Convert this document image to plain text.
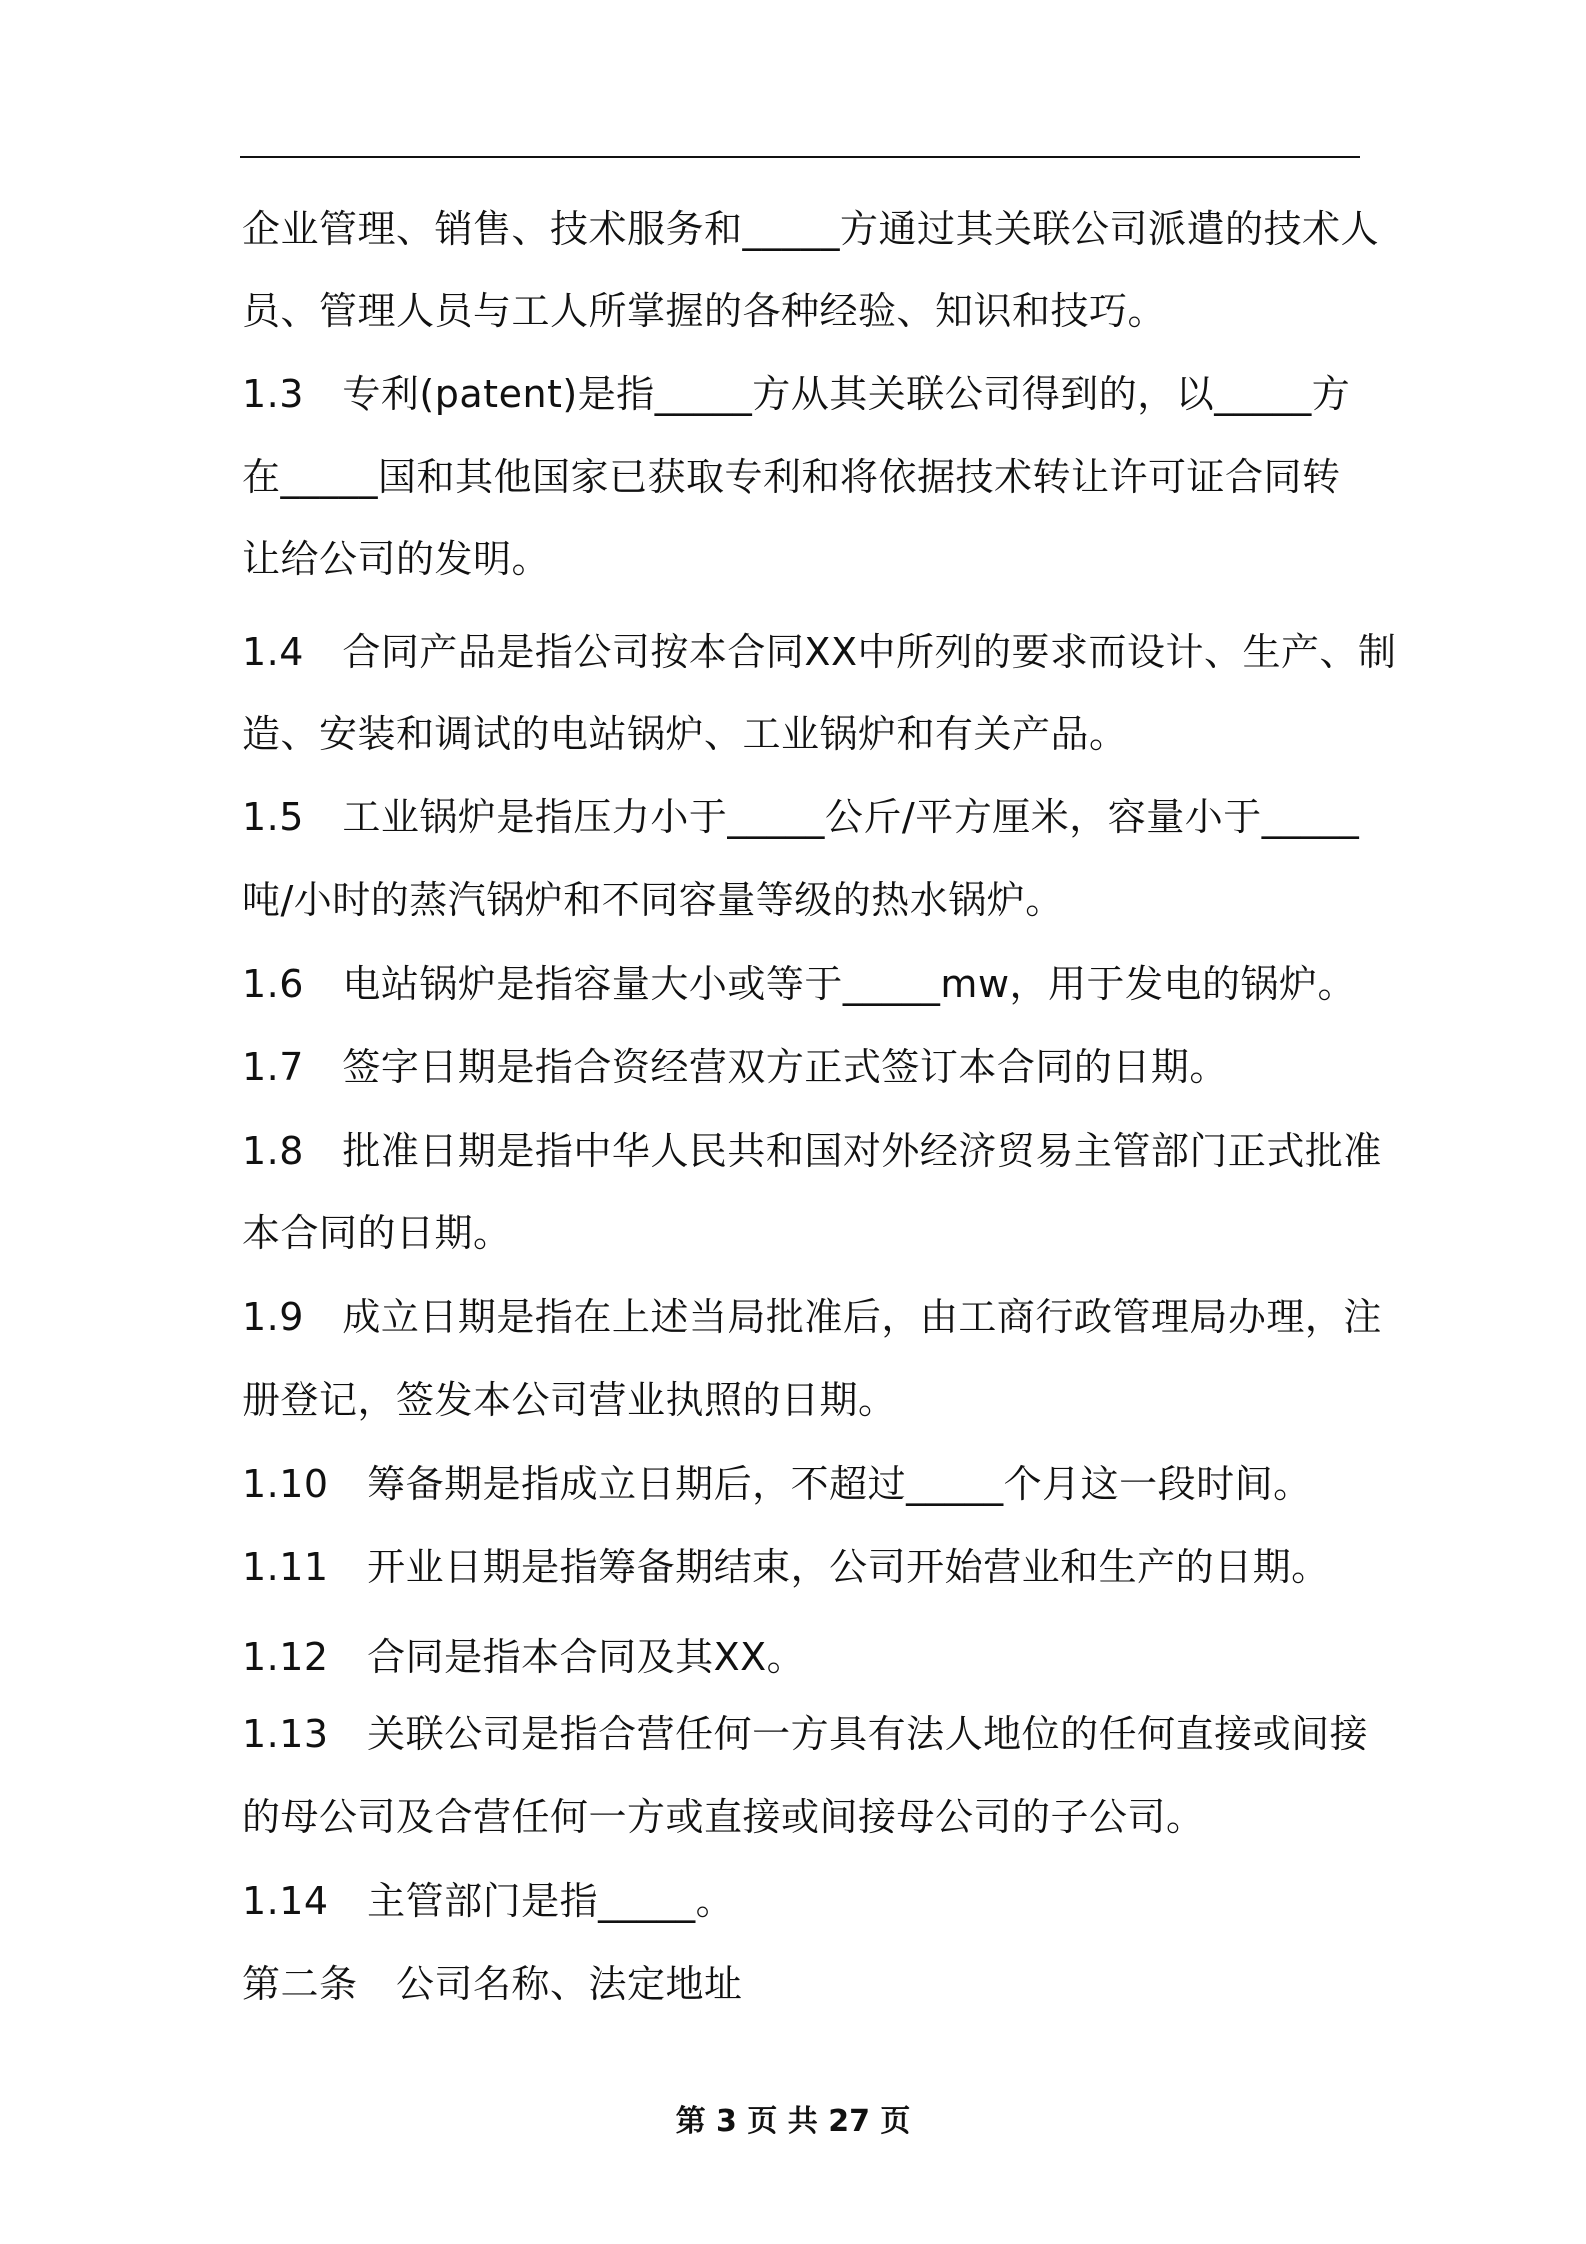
企业管理、销售、技术服务和_____方通过其关联公司派遣的技术人
员、管理人员与工人所掌握的各种经验、知识和技巧。
1.3　专利(patent)是指_____方从其关联公司得到的，以_____方
在_____国和其他国家已获取专利和将依据技术转让许可证合同转
让给公司的发明。
1.4　合同产品是指公司按本合同XX中所列的要求而设计、生产、制
造、安装和调试的电站锅炉、工业锅炉和有关产品。
1.5　工业锅炉是指压力小于_____公斤/平方厘米，容量小于_____
吨/小时的蒸汽锅炉和不同容量等级的热水锅炉。
1.6　电站锅炉是指容量大小或等于_____mw，用于发电的锅炉。
1.7　签字日期是指合资经营双方正式签订本合同的日期。
1.8　批准日期是指中华人民共和国对外经济贸易主管部门正式批准
本合同的日期。
1.9　成立日期是指在上述当局批准后，由工商行政管理局办理，注
册登记，签发本公司营业执照的日期。
1.10　筹备期是指成立日期后，不超过_____个月这一段时间。
1.11　开业日期是指筹备期结束，公司开始营业和生产的日期。
1.12　合同是指本合同及其XX。
1.13　关联公司是指合营任何一方具有法人地位的任何直接或间接
的母公司及合营任何一方或直接或间接母公司的子公司。
1.14　主管部门是指_____。
第二条　公司名称、法定地址
第 3 页 共 27 页
